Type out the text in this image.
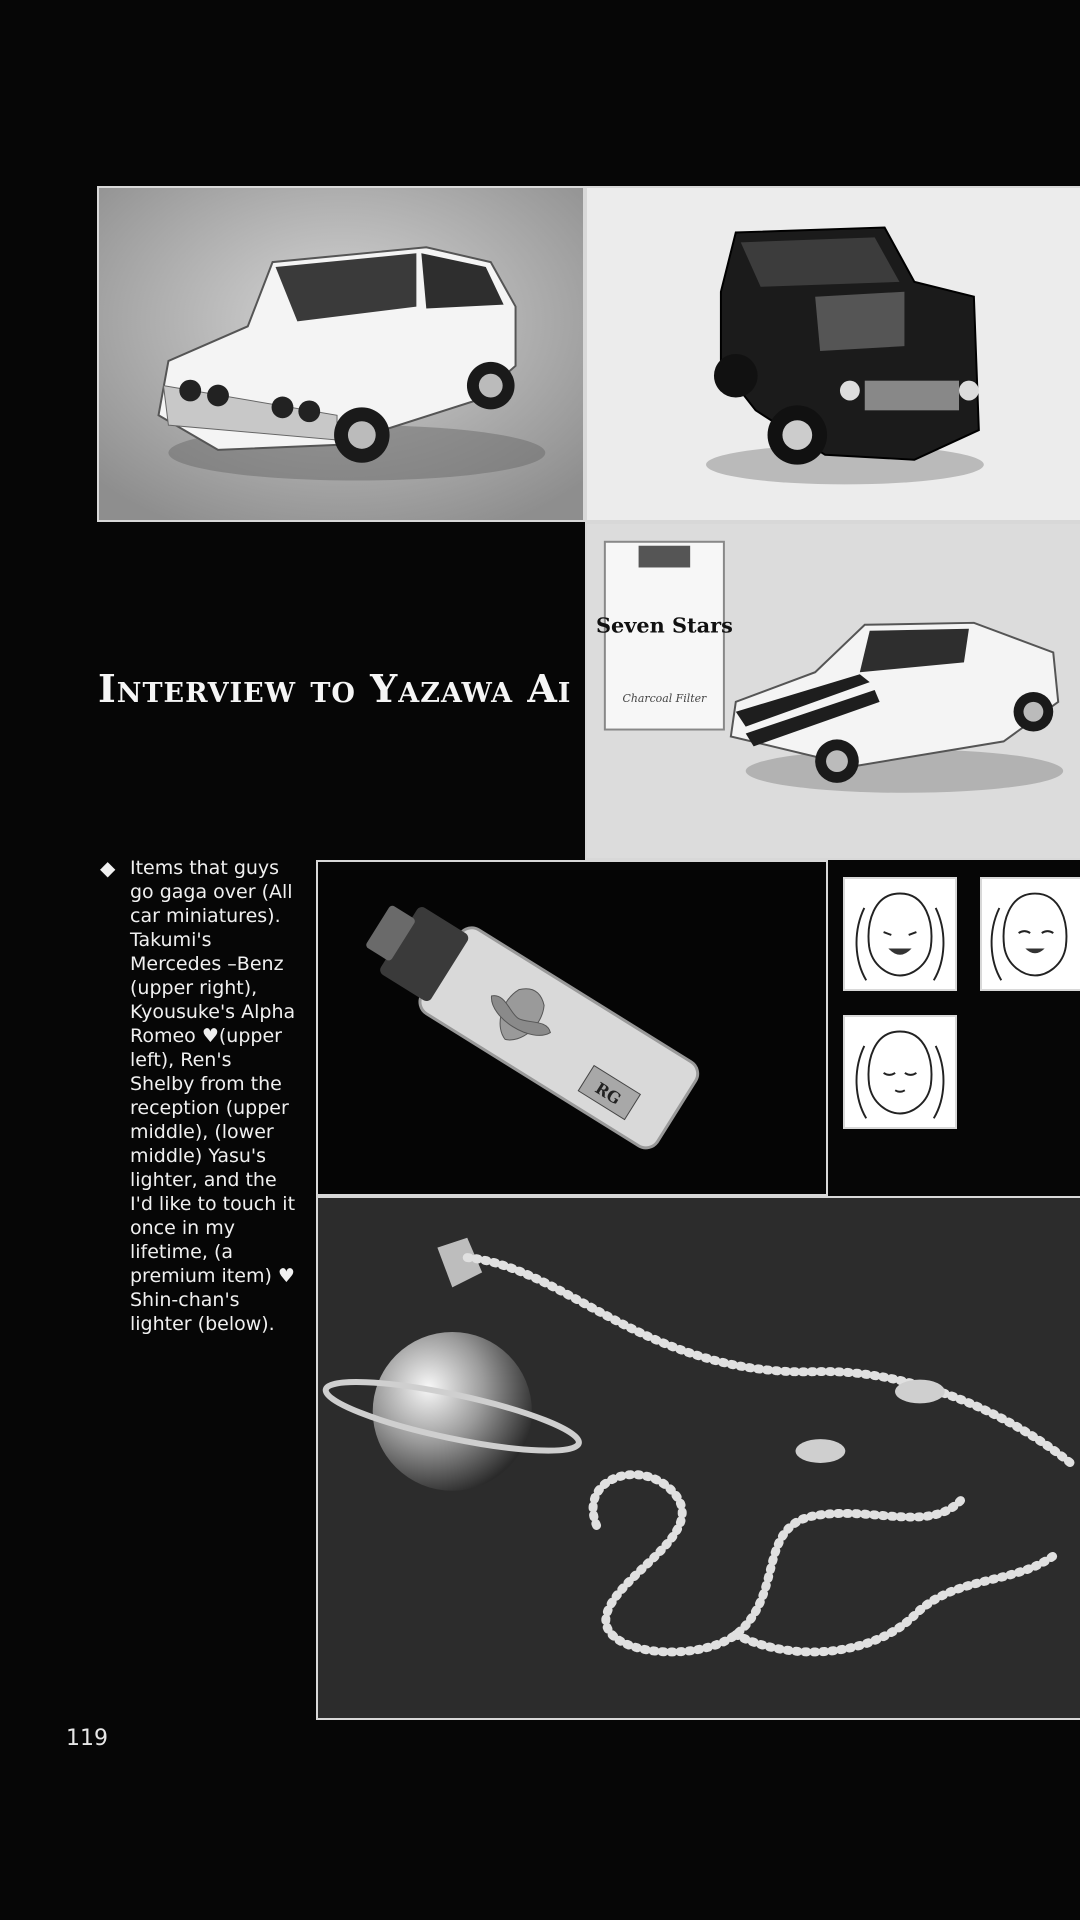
Interview to Yazawa Ai
Seven Stars
Charcoal Filter
◆ Items that guys go gaga over (All car miniatures). Takumi's Mercedes –Benz (upper right), Kyousuke's Alpha Romeo ♥(upper left), Ren's Shelby from the reception (upper middle), (lower middle) Yasu's lighter, and the I'd like to touch it once in my lifetime, (a premium item) ♥ Shin-chan's lighter (below).
RG
119
